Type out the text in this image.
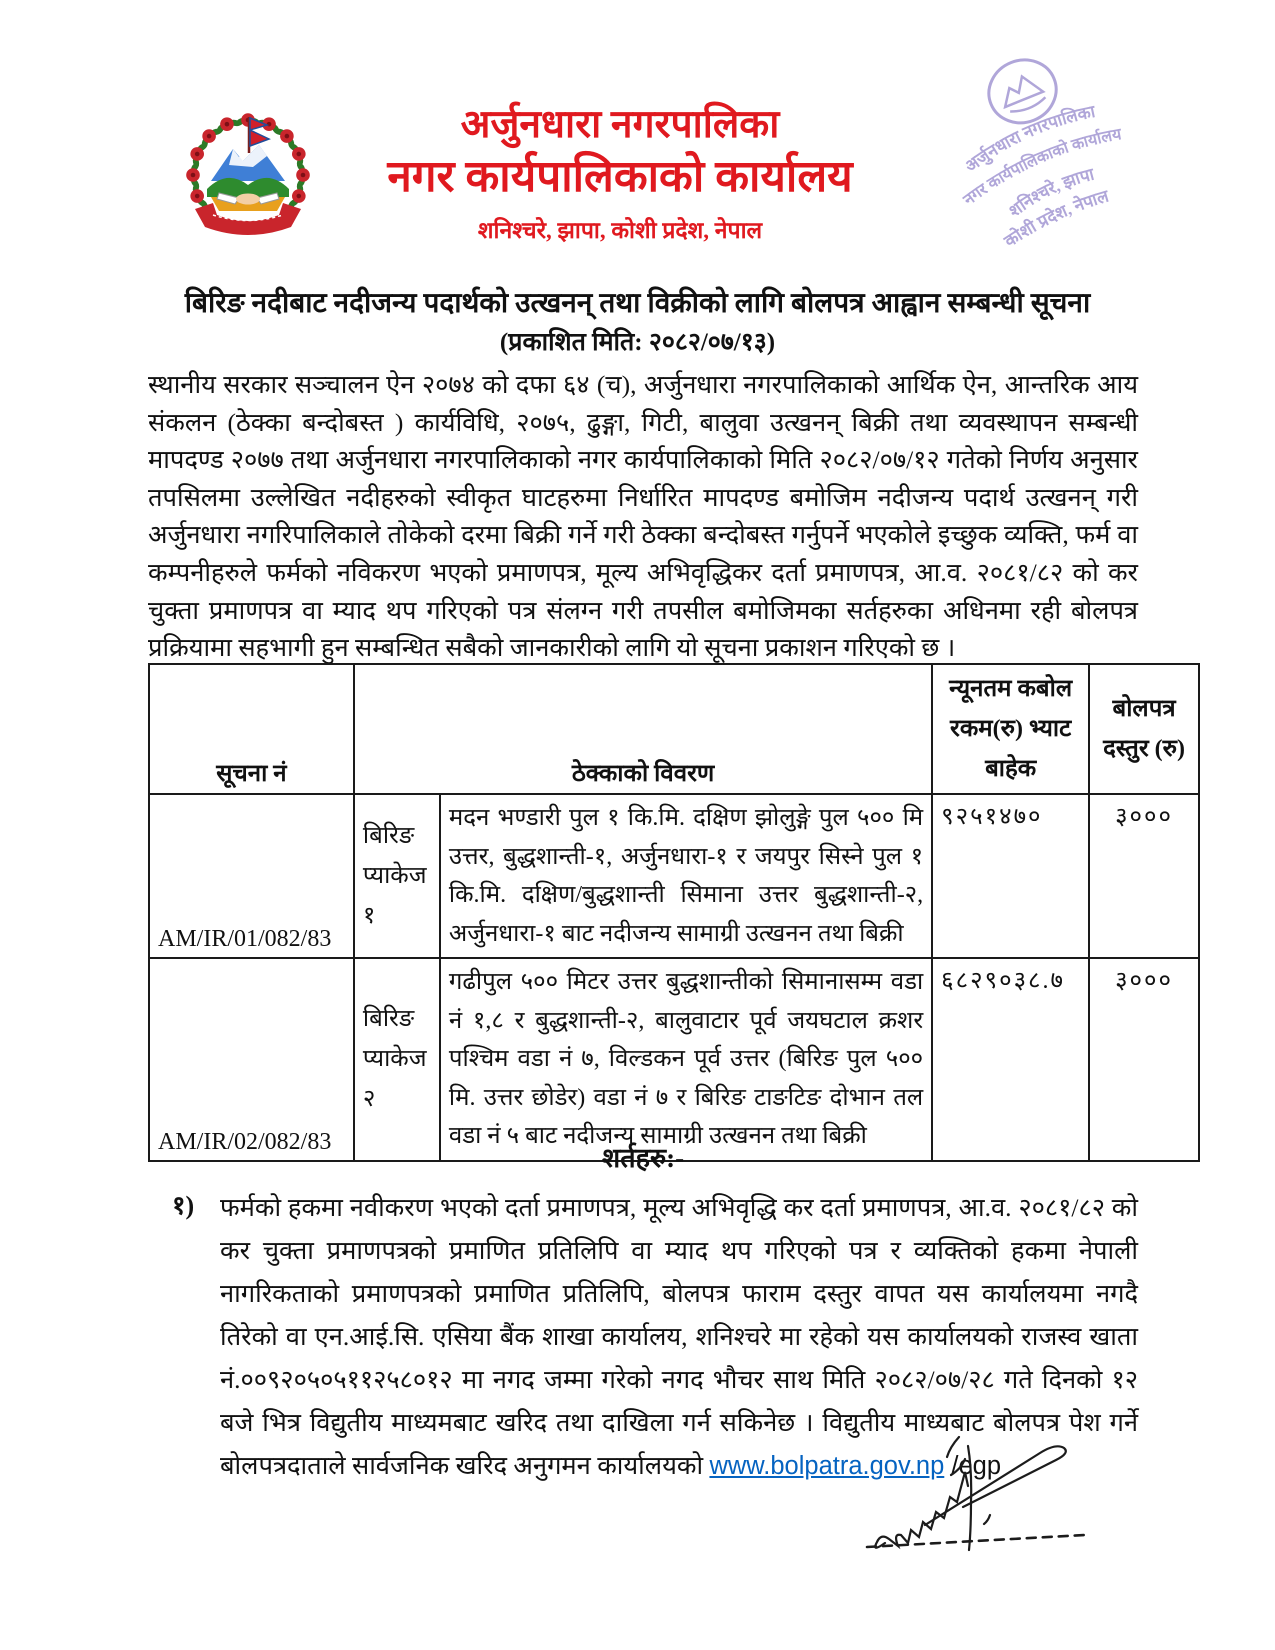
अर्जुनधारा नगरपालिका
नगर कार्यपालिकाको कार्यालय
शनिश्चरे, झापा, कोशी प्रदेश, नेपाल
अर्जुनधारा नगरपालिका
नगर कार्यपालिकाको कार्यालय
शनिश्चरे, झापा
कोशी प्रदेश, नेपाल
बिरिङ नदीबाट नदीजन्य पदार्थको उत्खनन् तथा विक्रीको लागि बोलपत्र आह्वान सम्बन्धी सूचना
(प्रकाशित मिति: २०८२/०७/१३)

स्थानीय सरकार सञ्चालन ऐन २०७४ को दफा ६४ (च), अर्जुनधारा नगरपालिकाको आर्थिक ऐन, आन्तरिक आय संकलन (ठेक्का बन्दोबस्त ) कार्यविधि, २०७५, ढुङ्गा, गिटी, बालुवा उत्खनन् बिक्री तथा व्यवस्थापन सम्बन्धी मापदण्ड २०७७ तथा अर्जुनधारा नगरपालिकाको नगर कार्यपालिकाको मिति २०८२/०७/१२ गतेको निर्णय अनुसार तपसिलमा उल्लेखित नदीहरुको स्वीकृत घाटहरुमा निर्धारित मापदण्ड बमोजिम नदीजन्य पदार्थ उत्खनन् गरी अर्जुनधारा नगरिपालिकाले तोकेको दरमा बिक्री गर्ने गरी ठेक्का बन्दोबस्त गर्नुपर्ने भएकोले इच्छुक व्यक्ति, फर्म वा कम्पनीहरुले फर्मको नविकरण भएको प्रमाणपत्र, मूल्य अभिवृद्धिकर दर्ता प्रमाणपत्र, आ.व. २०८१/८२ को कर चुक्ता प्रमाणपत्र वा म्याद थप गरिएको पत्र संलग्न गरी तपसील बमोजिमका सर्तहरुका अधिनमा रही बोलपत्र प्रक्रियामा सहभागी हुन सम्बन्धित सबैको जानकारीको लागि यो सूचना प्रकाशन गरिएको छ ।

सूचना नं	ठेक्काको विवरण		न्यूनतम कबोल रकम(रु) भ्याट बाहेक	बोलपत्र दस्तुर (रु)
AM/IR/01/082/83	बिरिङ प्याकेज १	मदन भण्डारी पुल १ कि.मि. दक्षिण झोलुङ्गे पुल ५०० मि उत्तर, बुद्धशान्ती-१, अर्जुनधारा-१ र जयपुर सिस्ने पुल १ कि.मि. दक्षिण/बुद्धशान्ती सिमाना उत्तर बुद्धशान्ती-२, अर्जुनधारा-१ बाट नदीजन्य सामाग्री उत्खनन तथा बिक्री	९२५१४७०	३०००
AM/IR/02/082/83	बिरिङ प्याकेज २	गढीपुल ५०० मिटर उत्तर बुद्धशान्तीको सिमानासम्म वडा नं १,८ र बुद्धशान्ती-२, बालुवाटार पूर्व जयघटाल क्रशर पश्चिम वडा नं ७, विल्डकन पूर्व उत्तर (बिरिङ पुल ५०० मि. उत्तर छोडेर) वडा नं ७ र बिरिङ टाङटिङ दोभान तल वडा नं ५ बाट नदीजन्य सामाग्री उत्खनन तथा बिक्री	६८२९०३८.७	३०००
शर्तहरु:-
१) फर्मको हकमा नवीकरण भएको दर्ता प्रमाणपत्र, मूल्य अभिवृद्धि कर दर्ता प्रमाणपत्र, आ.व. २०८१/८२ को कर चुक्ता प्रमाणपत्रको प्रमाणित प्रतिलिपि वा म्याद थप गरिएको पत्र र व्यक्तिको हकमा नेपाली नागरिकताको प्रमाणपत्रको प्रमाणित प्रतिलिपि, बोलपत्र फाराम दस्तुर वापत यस कार्यालयमा नगदै तिरेको वा एन.आई.सि. एसिया बैंक शाखा कार्यालय, शनिश्चरे मा रहेको यस कार्यालयको राजस्व खाता नं.००९२०५०५११२५८०१२ मा नगद जम्मा गरेको नगद भौचर साथ मिति २०८२/०७/२८ गते दिनको १२ बजे भित्र विद्युतीय माध्यमबाट खरिद तथा दाखिला गर्न सकिनेछ । विद्युतीय माध्यबाट बोलपत्र पेश गर्ने बोलपत्रदाताले सार्वजनिक खरिद अनुगमन कार्यालयको www.bolpatra.gov.np /egp
